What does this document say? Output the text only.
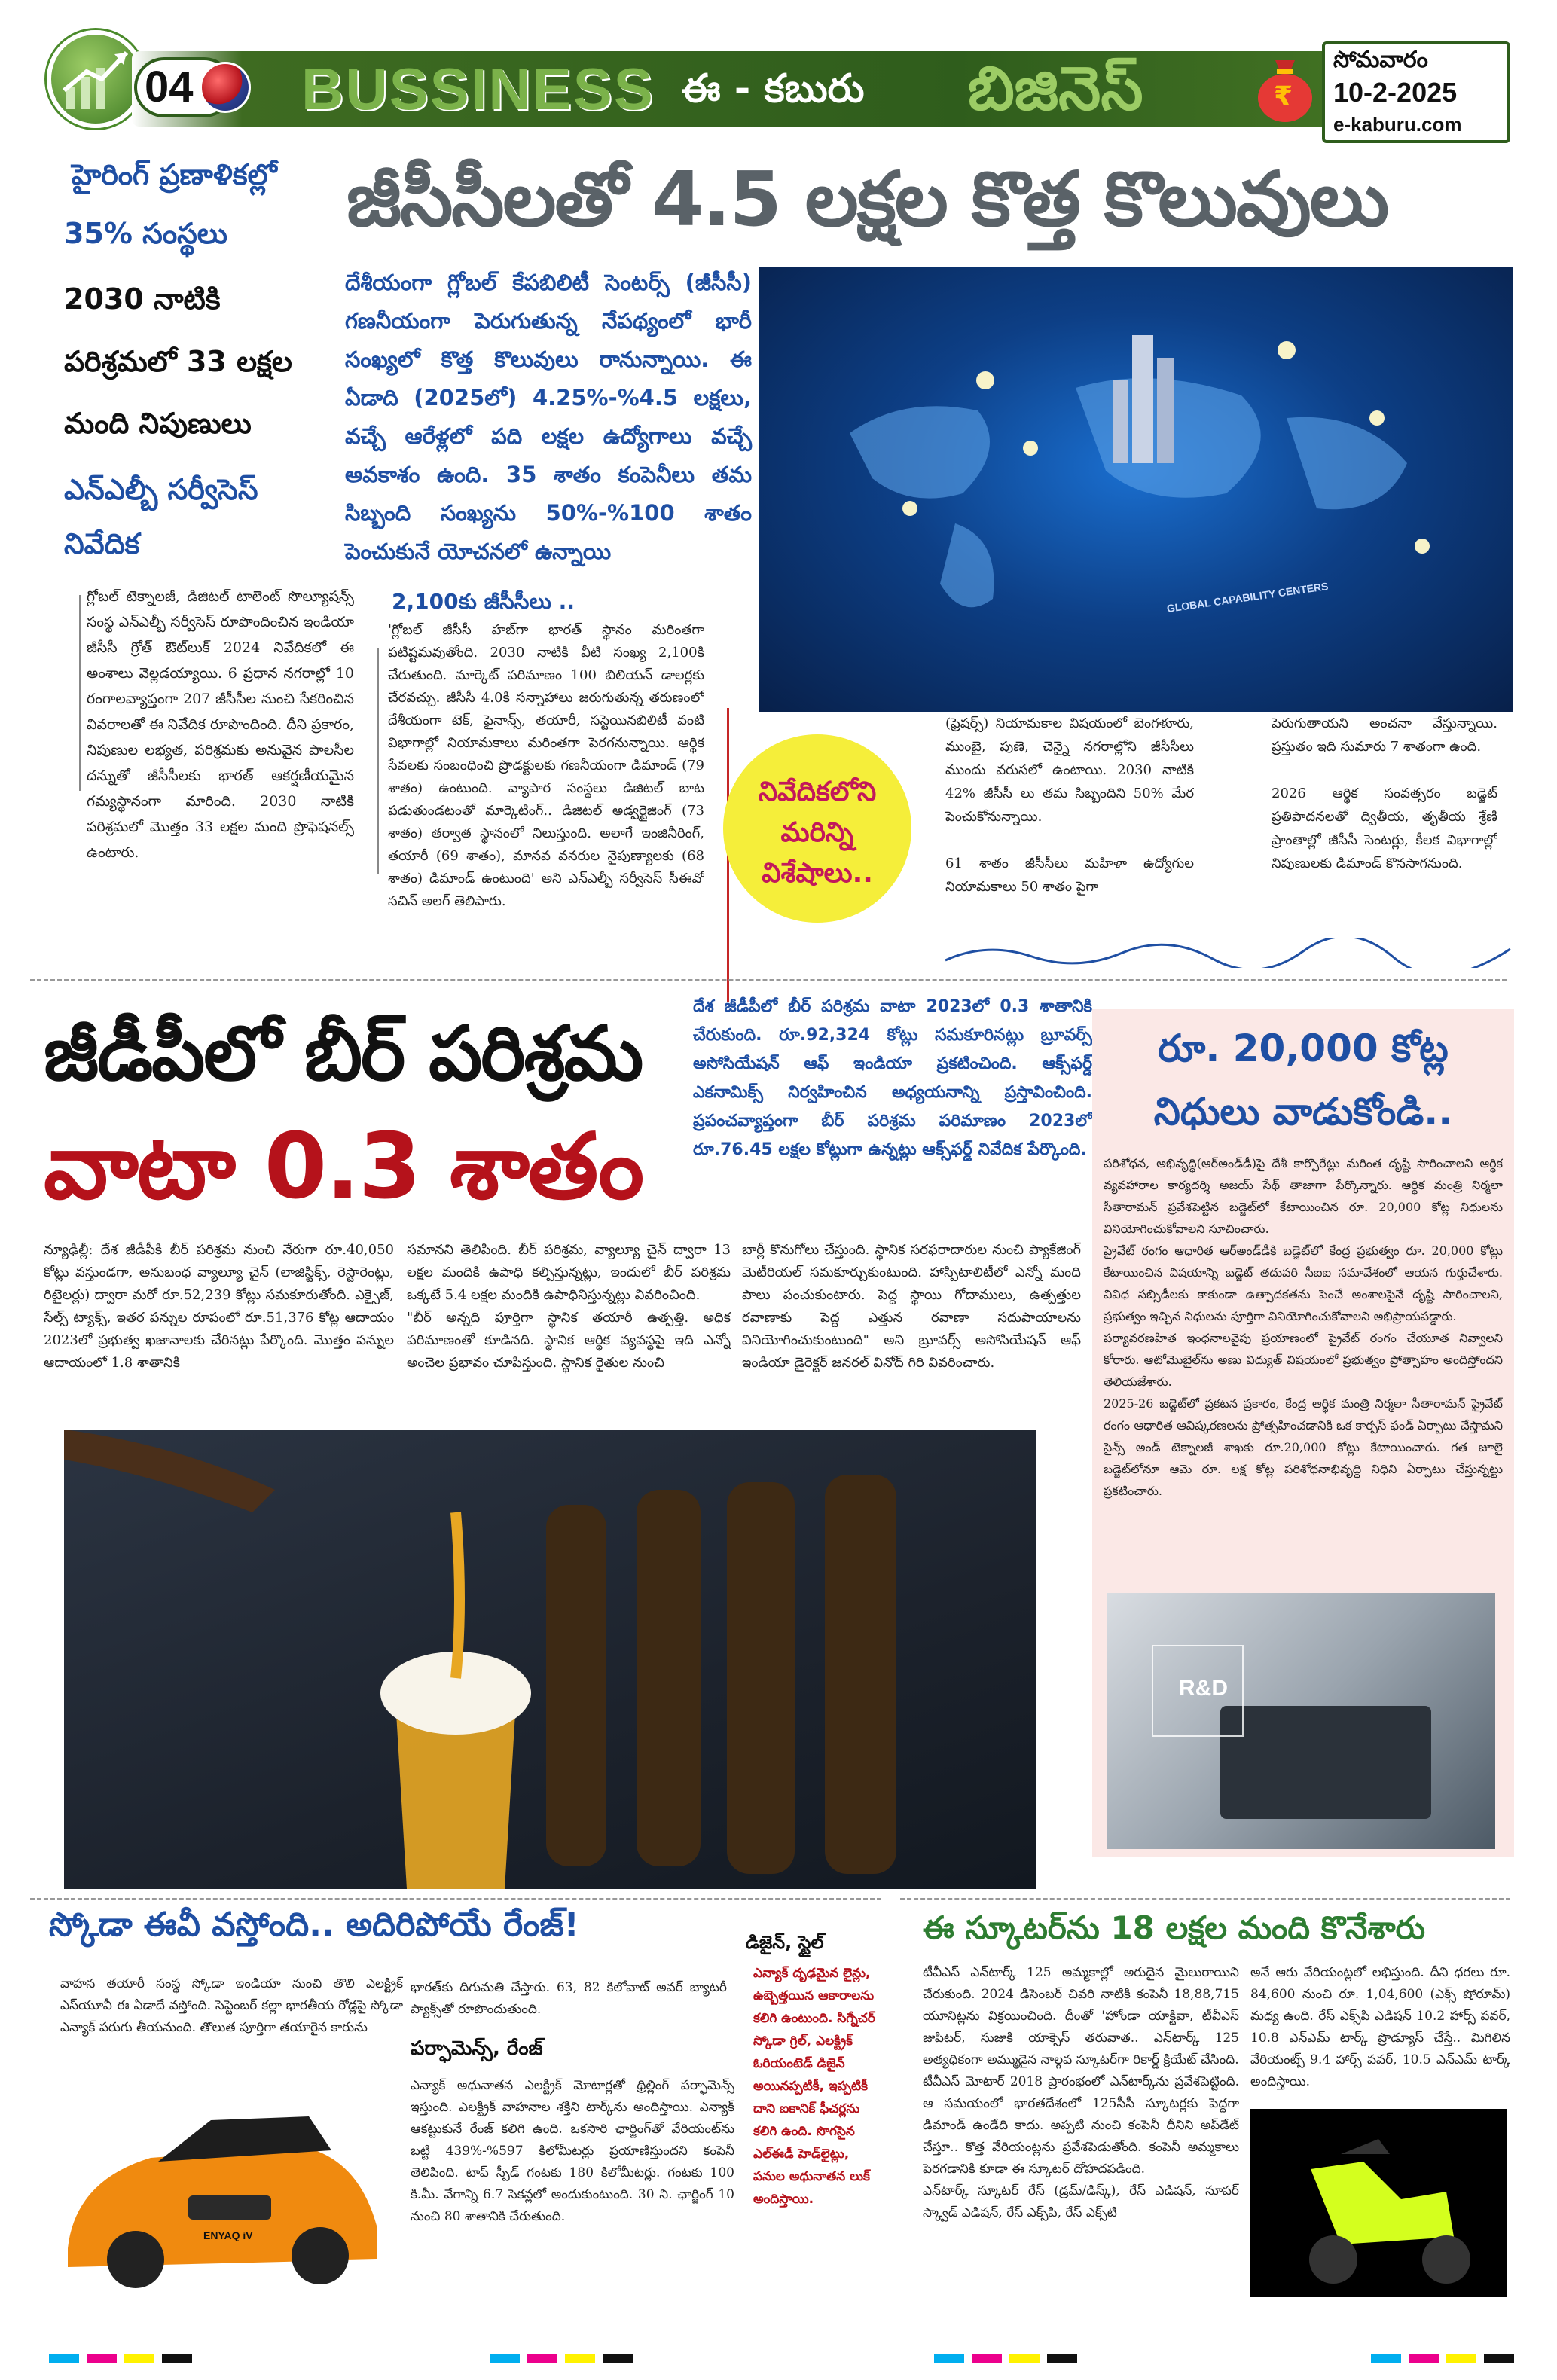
04	BUSSINESS ఈ - కబురు బిజినెస్	₹
సోమవారం
10-2-2025
e-kaburu.com
హైరింగ్ ప్రణాళికల్లో
35% సంస్థలు
2030 నాటికి
పరిశ్రమలో 33 లక్షల
మంది నిపుణులు
ఎన్ఎల్బీ సర్వీసెస్
నివేదిక
జీసీసీలతో 4.5 లక్షల కొత్త కొలువులు
దేశీయంగా గ్లోబల్ కేపబిలిటీ సెంటర్స్ (జీసీసీ) గణనీయంగా పెరుగుతున్న నేపథ్యంలో భారీ సంఖ్యలో కొత్త కొలువులు రానున్నాయి. ఈ ఏడాది (2025లో) 4.25%-%4.5 లక్షలు, వచ్చే ఆరేళ్లలో పది లక్షల ఉద్యోగాలు వచ్చే అవకాశం ఉంది. 35 శాతం కంపెనీలు తమ సిబ్బంది సంఖ్యను 50%-%100 శాతం పెంచుకునే యోచనలో ఉన్నాయి
GLOBAL CAPABILITY CENTERS
గ్లోబల్ టెక్నాలజీ, డిజిటల్ టాలెంట్ సొల్యూషన్స్ సంస్థ ఎన్ఎల్బీ సర్వీసెస్ రూపొందించిన ఇండియా జీసీసీ గ్రోత్ ఔట్‌లుక్ 2024 నివేదికలో ఈ అంశాలు వెల్లడయ్యాయి. 6 ప్రధాన నగరాల్లో 10 రంగాలవ్యాప్తంగా 207 జీసీసీల నుంచి సేకరించిన వివరాలతో ఈ నివేదిక రూపొందింది. దీని ప్రకారం, నిపుణుల లభ్యత, పరిశ్రమకు అనువైన పాలసీల దన్నుతో జీసీసీలకు భారత్ ఆకర్షణీయమైన గమ్యస్థానంగా మారింది. 2030 నాటికి పరిశ్రమలో మొత్తం 33 లక్షల మంది ప్రొఫెషనల్స్ ఉంటారు.
2,100కు జీసీసీలు ..
'గ్లోబల్ జీసీసీ హబ్‌గా భారత్ స్థానం మరింతగా పటిష్టమవుతోంది. 2030 నాటికి వీటి సంఖ్య 2,100కి చేరుతుంది. మార్కెట్ పరిమాణం 100 బిలియన్ డాలర్లకు చేరవచ్చు. జీసీసీ 4.0కి సన్నాహాలు జరుగుతున్న తరుణంలో దేశీయంగా టెక్, ఫైనాన్స్, తయారీ, సస్టెయినబిలిటీ వంటి విభాగాల్లో నియామకాలు మరింతగా పెరగనున్నాయి. ఆర్థిక సేవలకు సంబంధించి ప్రొడక్టులకు గణనీయంగా డిమాండ్ (79 శాతం) ఉంటుంది. వ్యాపార సంస్థలు డిజిటల్ బాట పడుతుండటంతో మార్కెటింగ్.. డిజిటల్ అడ్వర్టైజింగ్ (73 శాతం) తర్వాత స్థానంలో నిలుస్తుంది. అలాగే ఇంజినీరింగ్, తయారీ (69 శాతం), మానవ వనరుల నైపుణ్యాలకు (68 శాతం) డిమాండ్ ఉంటుంది' అని ఎన్ఎల్బీ సర్వీసెస్ సీఈవో సచిన్ అలగ్ తెలిపారు.
నివేదికలోని మరిన్ని విశేషాలు..
(ఫ్రెషర్స్) నియామకాల విషయంలో బెంగళూరు, ముంబై, పుణె, చెన్నై నగరాల్లోని జీసీసీలు ముందు వరుసలో ఉంటాయి. 2030 నాటికి 42% జీసీసీ లు తమ సిబ్బందిని 50% మేర పెంచుకోనున్నాయి.

61 శాతం జీసీసీలు మహిళా ఉద్యోగుల నియామకాలు 50 శాతం పైగా
పెరుగుతాయని అంచనా వేస్తున్నాయి. ప్రస్తుతం ఇది సుమారు 7 శాతంగా ఉంది.

2026 ఆర్థిక సంవత్సరం బడ్జెట్ ప్రతిపాదనలతో ద్వితీయ, తృతీయ శ్రేణి ప్రాంతాల్లో జీసీసీ సెంటర్లు, కీలక విభాగాల్లో నిపుణులకు డిమాండ్ కొనసాగనుంది.
జీడీపీలో బీర్ పరిశ్రమ
వాటా 0.3 శాతం
దేశ జీడీపీలో బీర్ పరిశ్రమ వాటా 2023లో 0.3 శాతానికి చేరుకుంది. రూ.92,324 కోట్లు సమకూరినట్లు బ్రూవర్స్ అసోసియేషన్ ఆఫ్ ఇండియా ప్రకటించింది. ఆక్స్‌ఫర్డ్ ఎకనామిక్స్ నిర్వహించిన అధ్యయనాన్ని ప్రస్తావించింది. ప్రపంచవ్యాప్తంగా బీర్ పరిశ్రమ పరిమాణం 2023లో రూ.76.45 లక్షల కోట్లుగా ఉన్నట్లు ఆక్స్‌ఫర్డ్ నివేదిక పేర్కొంది.
న్యూఢిల్లీ: దేశ జీడీపీకి బీర్ పరిశ్రమ నుంచి నేరుగా రూ.40,050 కోట్లు వస్తుండగా, అనుబంధ వ్యాల్యూ చైన్ (లాజిస్టిక్స్, రెస్టారెంట్లు, రిటైలర్లు) ద్వారా మరో రూ.52,239 కోట్లు సమకూరుతోంది. ఎక్సైజ్, సేల్స్ ట్యాక్స్, ఇతర పన్నుల రూపంలో రూ.51,376 కోట్ల ఆదాయం 2023లో ప్రభుత్వ ఖజానాలకు చేరినట్లు పేర్కొంది. మొత్తం పన్నుల ఆదాయంలో 1.8 శాతానికి
సమానని తెలిపింది. బీర్ పరిశ్రమ, వ్యాల్యూ చైన్ ద్వారా 13 లక్షల మందికి ఉపాధి కల్పిస్తున్నట్లు, ఇందులో బీర్ పరిశ్రమ ఒక్కటే 5.4 లక్షల మందికి ఉపాధినిస్తున్నట్లు వివరించింది.
"బీర్ అన్నది పూర్తిగా స్థానిక తయారీ ఉత్పత్తి. అధిక పరిమాణంతో కూడినది. స్థానిక ఆర్థిక వ్యవస్థపై ఇది ఎన్నో అంచెల ప్రభావం చూపిస్తుంది. స్థానిక రైతుల నుంచి
బార్లీ కొనుగోలు చేస్తుంది. స్థానిక సరఫరాదారుల నుంచి ప్యాకేజింగ్ మెటీరియల్ సమకూర్చుకుంటుంది. హాస్పిటాలిటీలో ఎన్నో మంది పాలు పంచుకుంటారు. పెద్ద స్థాయి గోదాములు, ఉత్పత్తుల రవాణాకు పెద్ద ఎత్తున రవాణా సదుపాయాలను వినియోగించుకుంటుంది" అని బ్రూవర్స్ అసోసియేషన్ ఆఫ్ ఇండియా డైరెక్టర్ జనరల్ వినోద్ గిరి వివరించారు.
రూ. 20,000 కోట్ల నిధులు వాడుకోండి..
పరిశోధన, అభివృద్ధి(ఆర్‌అండ్‌డీ)పై దేశీ కార్పొరేట్లు మరింత దృష్టి సారించాలని ఆర్థిక వ్యవహారాల కార్యదర్శి అజయ్ సేథ్ తాజాగా పేర్కొన్నారు. ఆర్థిక మంత్రి నిర్మలా సీతారామన్ ప్రవేశపెట్టిన బడ్జెట్‌లో కేటాయించిన రూ. 20,000 కోట్ల నిధులను వినియోగించుకోవాలని సూచించారు.
ప్రైవేట్ రంగం ఆధారిత ఆర్‌అండ్‌డీకి బడ్జెట్‌లో కేంద్ర ప్రభుత్వం రూ. 20,000 కోట్లు కేటాయించిన విషయాన్ని బడ్జెట్ తదుపరి సీఐఐ సమావేశంలో ఆయన గుర్తుచేశారు. వివిధ సబ్సిడీలకు కాకుండా ఉత్పాదకతను పెంచే అంశాలపైనే దృష్టి సారించాలని, ప్రభుత్వం ఇచ్చిన నిధులను పూర్తిగా వినియోగించుకోవాలని అభిప్రాయపడ్డారు.
పర్యావరణహిత ఇంధనాలవైపు ప్రయాణంలో ప్రైవేట్ రంగం చేయూత నివ్వాలని కోరారు. ఆటోమొబైల్‌ను అణు విద్యుత్ విషయంలో ప్రభుత్వం ప్రోత్సాహం అందిస్తోందని తెలియజేశారు.
2025-26 బడ్జెట్‌లో ప్రకటన ప్రకారం, కేంద్ర ఆర్థిక మంత్రి నిర్మలా సీతారామన్ ప్రైవేట్ రంగం ఆధారిత ఆవిష్కరణలను ప్రోత్సహించడానికి ఒక కార్పస్ ఫండ్ ఏర్పాటు చేస్తామని సైన్స్ అండ్ టెక్నాలజీ శాఖకు రూ.20,000 కోట్లు కేటాయించారు. గత జూలై బడ్జెట్‌లోనూ ఆమె రూ. లక్ష కోట్ల పరిశోధనాభివృద్ధి నిధిని ఏర్పాటు చేస్తున్నట్టు ప్రకటించారు.
R&D
స్కోడా ఈవీ వస్తోంది.. అదిరిపోయే రేంజ్!
వాహన తయారీ సంస్థ స్కోడా ఇండియా నుంచి తొలి ఎలక్ట్రిక్ ఎస్‌యూవీ ఈ ఏడాదే వస్తోంది. సెప్టెంబర్ కల్లా భారతీయ రోడ్లపై స్కోడా ఎన్యాక్ పరుగు తీయనుంది. తొలుత పూర్తిగా తయారైన కారును
ENYAQ iV
భారత్‌కు దిగుమతి చేస్తారు. 63, 82 కిలోవాట్ అవర్ బ్యాటరీ ప్యాక్స్‌తో రూపొందుతుంది.
పర్ఫామెన్స్, రేంజ్
ఎన్యాక్ అధునాతన ఎలక్ట్రిక్ మోటార్లతో థ్రిల్లింగ్ పర్ఫామెన్స్ ఇస్తుంది. ఎలక్ట్రిక్ వాహనాల శక్తిని టార్క్‌ను అందిస్తాయి. ఎన్యాక్ ఆకట్టుకునే రేంజ్ కలిగి ఉంది. ఒకసారి ఛార్జింగ్‌తో వేరియంట్‌ను బట్టి 439%-%597 కిలోమీటర్లు ప్రయాణిస్తుందని కంపెనీ తెలిపింది. టాప్ స్పీడ్ గంటకు 180 కిలోమీటర్లు. గంటకు 100 కి.మీ. వేగాన్ని 6.7 సెకన్లలో అందుకుంటుంది. 30 ని. ఛార్జింగ్ 10 నుంచి 80 శాతానికి చేరుతుంది.
డిజైన్, స్టైల్
ఎన్యాక్ దృఢమైన లైన్లు, ఉబ్బెత్తయిన ఆకారాలను కలిగి ఉంటుంది. సిగ్నేచర్ స్కోడా గ్రిల్, ఎలక్ట్రిక్ ఓరియంటెడ్ డిజైన్ అయినప్పటికీ, ఇప్పటికీ దాని ఐకానిక్ ఫీచర్లను కలిగి ఉంది. సొగసైన ఎల్ఈడీ హెడ్‌లైట్లు, పనుల అధునాతన లుక్ అందిస్తాయి.
ఈ స్కూటర్‌ను 18 లక్షల మంది కొనేశారు
టీవీఎస్ ఎన్‌టార్క్ 125 అమ్మకాల్లో అరుదైన మైలురాయిని చేరుకుంది. 2024 డిసెంబర్ చివరి నాటికి కంపెనీ 18,88,715 యూనిట్లను విక్రయించింది. దీంతో 'హోండా యాక్టివా, టీవీఎస్ జుపిటర్, సుజుకి యాక్సెస్ తరువాత.. ఎన్‌టార్క్ 125 అత్యధికంగా అమ్ముడైన నాల్గవ స్కూటర్‌గా రికార్డ్ క్రియేట్ చేసింది.
టీవీఎస్ మోటార్ 2018 ప్రారంభంలో ఎన్‌టార్క్‌ను ప్రవేశపెట్టింది. ఆ సమయంలో భారతదేశంలో 125సీసీ స్కూటర్లకు పెద్దగా డిమాండ్ ఉండేది కాదు. అప్పటి నుంచి కంపెనీ దీనిని అప్‌డేట్ చేస్తూ.. కొత్త వేరియంట్లను ప్రవేశపెడుతోంది. కంపెనీ అమ్మకాలు పెరగడానికి కూడా ఈ స్కూటర్ దోహదపడింది.
ఎన్‌టార్క్ స్కూటర్ రేస్ (డ్రమ్/డిస్క్), రేస్ ఎడిషన్, సూపర్ స్క్వాడ్ ఎడిషన్, రేస్ ఎక్స్‌పి, రేస్ ఎక్స్‌టి
అనే ఆరు వేరియంట్లలో లభిస్తుంది. దీని ధరలు రూ. 84,600 నుంచి రూ. 1,04,600 (ఎక్స్ షోరూమ్) మధ్య ఉంది. రేస్ ఎక్స్‌పి ఎడిషన్ 10.2 హార్స్ పవర్, 10.8 ఎన్ఎమ్ టార్క్ ప్రొడ్యూస్ చేస్తే.. మిగిలిన వేరియంట్స్ 9.4 హార్స్ పవర్, 10.5 ఎన్ఎమ్ టార్క్ అందిస్తాయి.
